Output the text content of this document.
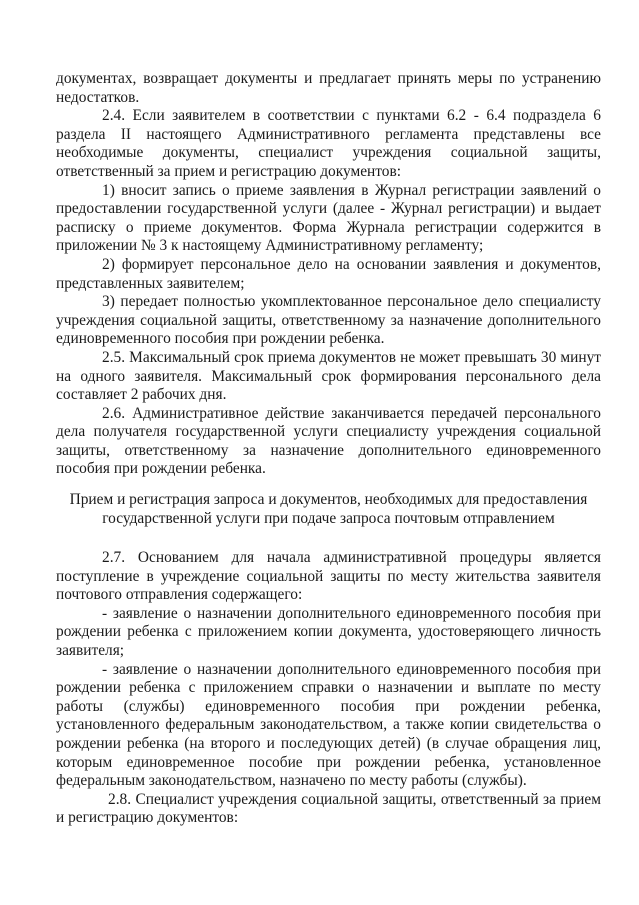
документах, возвращает документы и предлагает принять меры по устранению недостатков.

2.4. Если заявителем в соответствии с пунктами 6.2 - 6.4 подраздела 6 раздела II настоящего Административного регламента представлены все необходимые документы, специалист учреждения социальной защиты, ответственный за прием и регистрацию документов:

1) вносит запись о приеме заявления в Журнал регистрации заявлений о предоставлении государственной услуги (далее - Журнал регистрации) и выдает расписку о приеме документов. Форма Журнала регистрации содержится в приложении № 3 к настоящему Административному регламенту;

2) формирует персональное дело на основании заявления и документов, представленных заявителем;

3) передает полностью укомплектованное персональное дело специалисту учреждения социальной защиты, ответственному за назначение дополнительного единовременного пособия при рождении ребенка.

2.5. Максимальный срок приема документов не может превышать 30 минут на одного заявителя. Максимальный срок формирования персонального дела составляет 2 рабочих дня.

2.6. Административное действие заканчивается передачей персонального дела получателя государственной услуги специалисту учреждения социальной защиты, ответственному за назначение дополнительного единовременного пособия при рождении ребенка.

Прием и регистрация запроса и документов, необходимых для предоставления

государственной услуги при подаче запроса почтовым отправлением

2.7. Основанием для начала административной процедуры является поступление в учреждение социальной защиты по месту жительства заявителя почтового отправления содержащего:

- заявление о назначении дополнительного единовременного пособия при рождении ребенка с приложением копии документа, удостоверяющего личность заявителя;

- заявление о назначении дополнительного единовременного пособия при рождении ребенка с приложением справки о назначении и выплате по месту работы (службы) единовременного пособия при рождении ребенка, установленного федеральным законодательством, а также копии свидетельства о рождении ребенка (на второго и последующих детей) (в случае обращения лиц, которым единовременное пособие при рождении ребенка, установленное федеральным законодательством, назначено по месту работы (службы).

2.8. Специалист учреждения социальной защиты, ответственный за прием и регистрацию документов:
